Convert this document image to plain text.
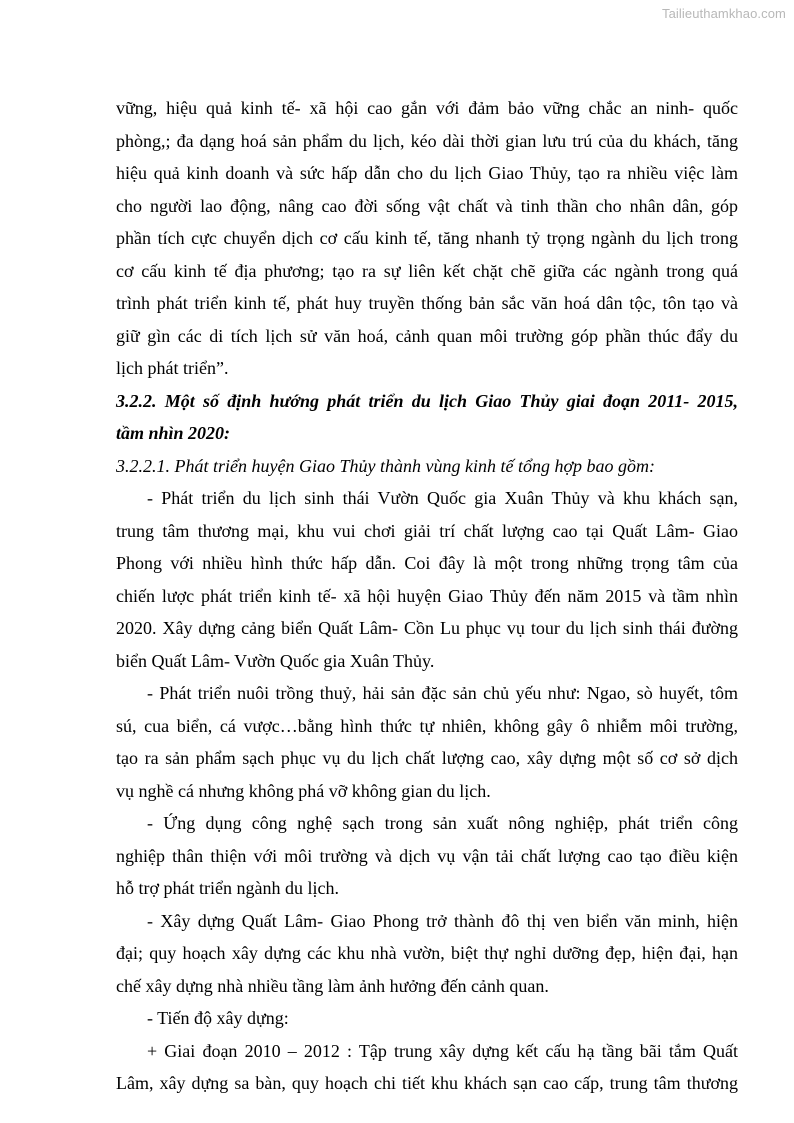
Tailieuthamkhao.com
vững, hiệu quả kinh tế- xã hội cao gắn với đảm bảo vững chắc an ninh- quốc
phòng,; đa dạng hoá sản phẩm du lịch, kéo dài thời gian lưu trú của du khách, tăng
hiệu quả kinh doanh và sức hấp dẫn cho du lịch Giao Thủy, tạo ra nhiều việc làm
cho người lao động, nâng cao đời sống vật chất và tinh thần cho nhân dân, góp
phần tích cực chuyển dịch cơ cấu kinh tế, tăng nhanh tỷ trọng ngành du lịch trong
cơ cấu kinh tế địa phương; tạo ra sự liên kết chặt chẽ giữa các ngành trong quá
trình phát triển kinh tế, phát huy truyền thống bản sắc văn hoá dân tộc, tôn tạo và
giữ gìn các di tích lịch sử văn hoá, cảnh quan môi trường góp phần thúc đẩy du
lịch phát triển”.
3.2.2. Một số định hướng phát triển du lịch Giao Thủy giai đoạn 2011- 2015,
tầm nhìn 2020:
3.2.2.1. Phát triển huyện Giao Thủy thành vùng kinh tế tổng hợp bao gồm:
- Phát triển du lịch sinh thái Vườn Quốc gia Xuân Thủy và khu khách sạn,
trung tâm thương mại, khu vui chơi giải trí chất lượng cao tại Quất Lâm- Giao
Phong với nhiều hình thức hấp dẫn. Coi đây là một trong những trọng tâm của
chiến lược phát triển kinh tế- xã hội huyện Giao Thủy đến năm 2015 và tầm nhìn
2020. Xây dựng cảng biển Quất Lâm- Cồn Lu phục vụ tour du lịch sinh thái đường
biển Quất Lâm- Vườn Quốc gia Xuân Thủy.
- Phát triển nuôi trồng thuỷ, hải sản đặc sản chủ yếu như: Ngao, sò huyết, tôm
sú, cua biển, cá vược…bằng hình thức tự nhiên, không gây ô nhiễm môi trường,
tạo ra sản phẩm sạch phục vụ du lịch chất lượng cao, xây dựng một số cơ sở dịch
vụ nghề cá nhưng không phá vỡ không gian du lịch.
- Ứng dụng công nghệ sạch trong sản xuất nông nghiệp, phát triển công
nghiệp thân thiện với môi trường và dịch vụ vận tải chất lượng cao tạo điều kiện
hỗ trợ phát triển ngành du lịch.
- Xây dựng Quất Lâm- Giao Phong trở thành đô thị ven biển văn minh, hiện
đại; quy hoạch xây dựng các khu nhà vườn, biệt thự nghỉ dưỡng đẹp, hiện đại, hạn
chế xây dựng nhà nhiều tầng làm ảnh hưởng đến cảnh quan.
- Tiến độ xây dựng:
+ Giai đoạn 2010 – 2012 : Tập trung xây dựng kết cấu hạ tầng bãi tắm Quất
Lâm, xây dựng sa bàn, quy hoạch chi tiết khu khách sạn cao cấp, trung tâm thương
